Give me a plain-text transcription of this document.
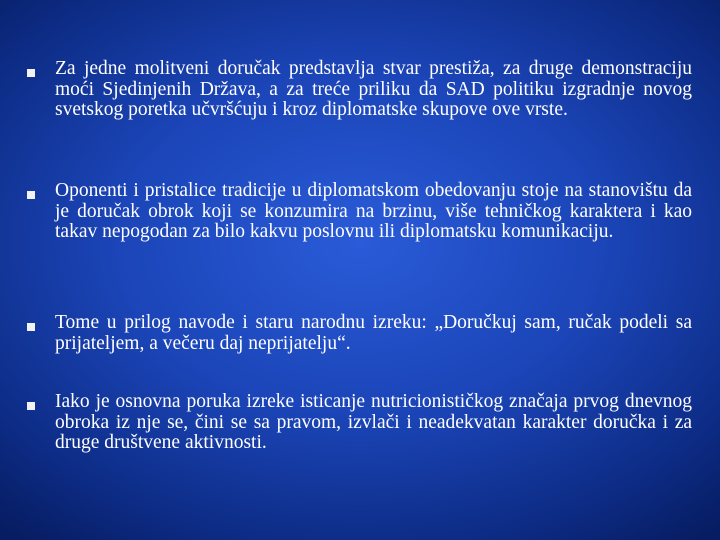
Za jedne molitveni doručak predstavlja stvar prestiža, za druge demonstraciju moći Sjedinjenih Država, a za treće priliku da SAD politiku izgradnje novog svetskog poretka učvršćuju i kroz diplomatske skupove ove vrste.

Oponenti i pristalice tradicije u diplomatskom obedovanju stoje na stanovištu da je doručak obrok koji se konzumira na brzinu, više tehničkog karaktera i kao takav nepogodan za bilo kakvu poslovnu ili diplomatsku komunikaciju.

Tome u prilog navode i staru narodnu izreku: „Doručkuj sam, ručak podeli sa prijateljem, a večeru daj neprijatelju“.

Iako je osnovna poruka izreke isticanje nutricionističkog značaja prvog dnevnog obroka iz nje se, čini se sa pravom, izvlači i neadekvatan karakter doručka i za druge društvene aktivnosti.
